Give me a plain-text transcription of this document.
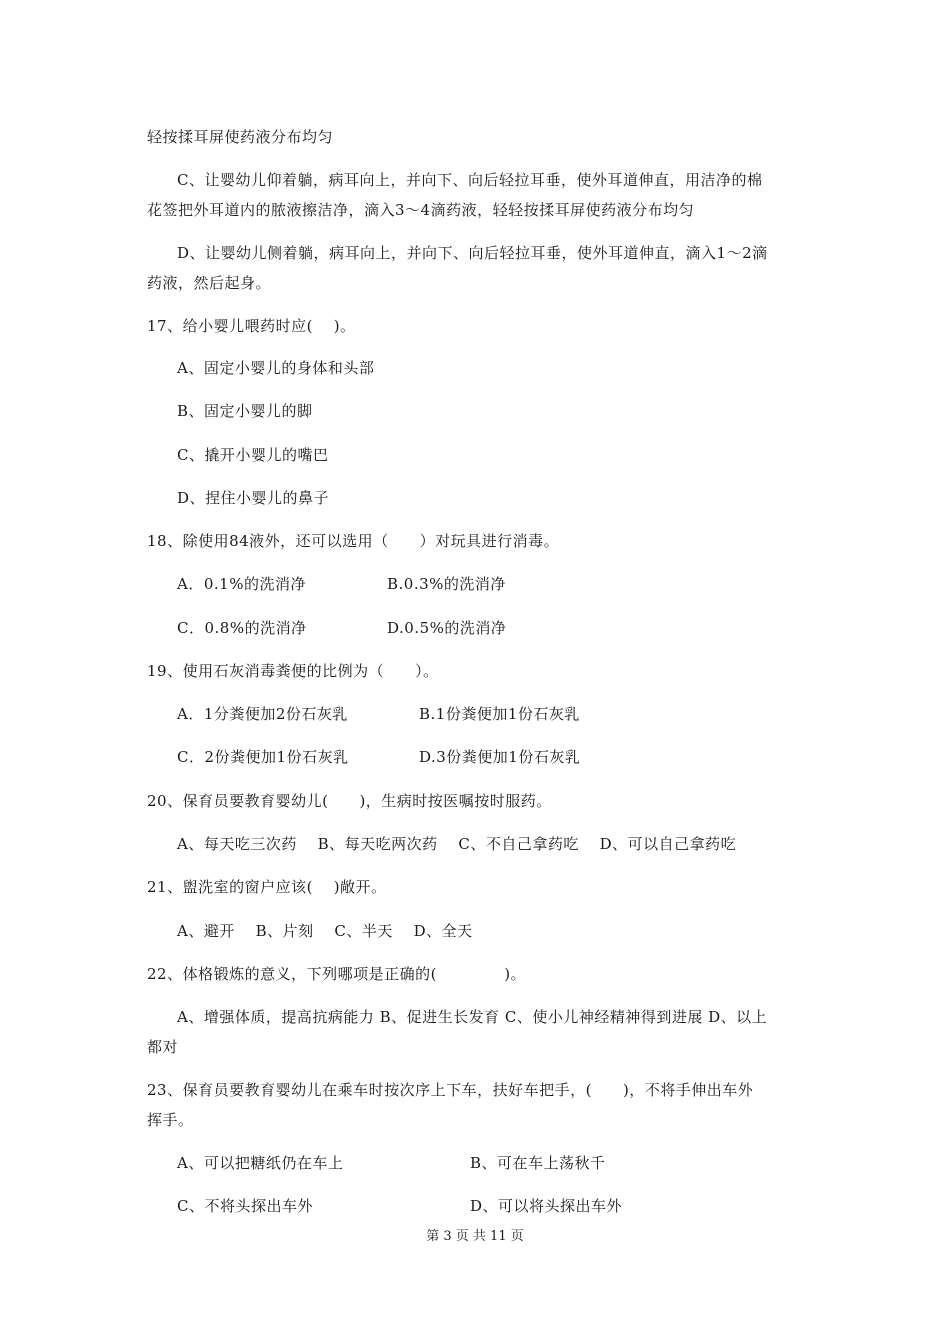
轻按揉耳屏使药液分布均匀
C、让婴幼儿仰着躺，病耳向上，并向下、向后轻拉耳垂，使外耳道伸直，用洁净的棉
花签把外耳道内的脓液擦洁净，滴入3～4滴药液，轻轻按揉耳屏使药液分布均匀
D、让婴幼儿侧着躺，病耳向上，并向下、向后轻拉耳垂，使外耳道伸直，滴入1～2滴
药液，然后起身。
17、给小婴儿喂药时应(　 )。
A、固定小婴儿的身体和头部
B、固定小婴儿的脚
C、撬开小婴儿的嘴巴
D、捏住小婴儿的鼻子
18、除使用84液外，还可以选用（　　）对玩具进行消毒。
A．0.1%的洗消净	B.0.3%的洗消净
C．0.8%的洗消净	D.0.5%的洗消净
19、使用石灰消毒粪便的比例为（　　）。
A．1分粪便加2份石灰乳	B.1份粪便加1份石灰乳
C．2份粪便加1份石灰乳	D.3份粪便加1份石灰乳
20、保育员要教育婴幼儿(　　)，生病时按医嘱按时服药。
A、每天吃三次药　 B、每天吃两次药　 C、不自己拿药吃　 D、可以自己拿药吃
21、盥洗室的窗户应该(　 )敞开。
A、避开　 B、片刻　 C、半天　 D、全天
22、体格锻炼的意义，下列哪项是正确的(　　　　 )。
A、增强体质，提高抗病能力 B、促进生长发育 C、使小儿神经精神得到进展 D、以上
都对
23、保育员要教育婴幼儿在乘车时按次序上下车，扶好车把手，(　　)，不将手伸出车外
挥手。
A、可以把糖纸仍在车上	B、可在车上荡秋千
C、不将头探出车外	D、可以将头探出车外
第 3 页 共 11 页
